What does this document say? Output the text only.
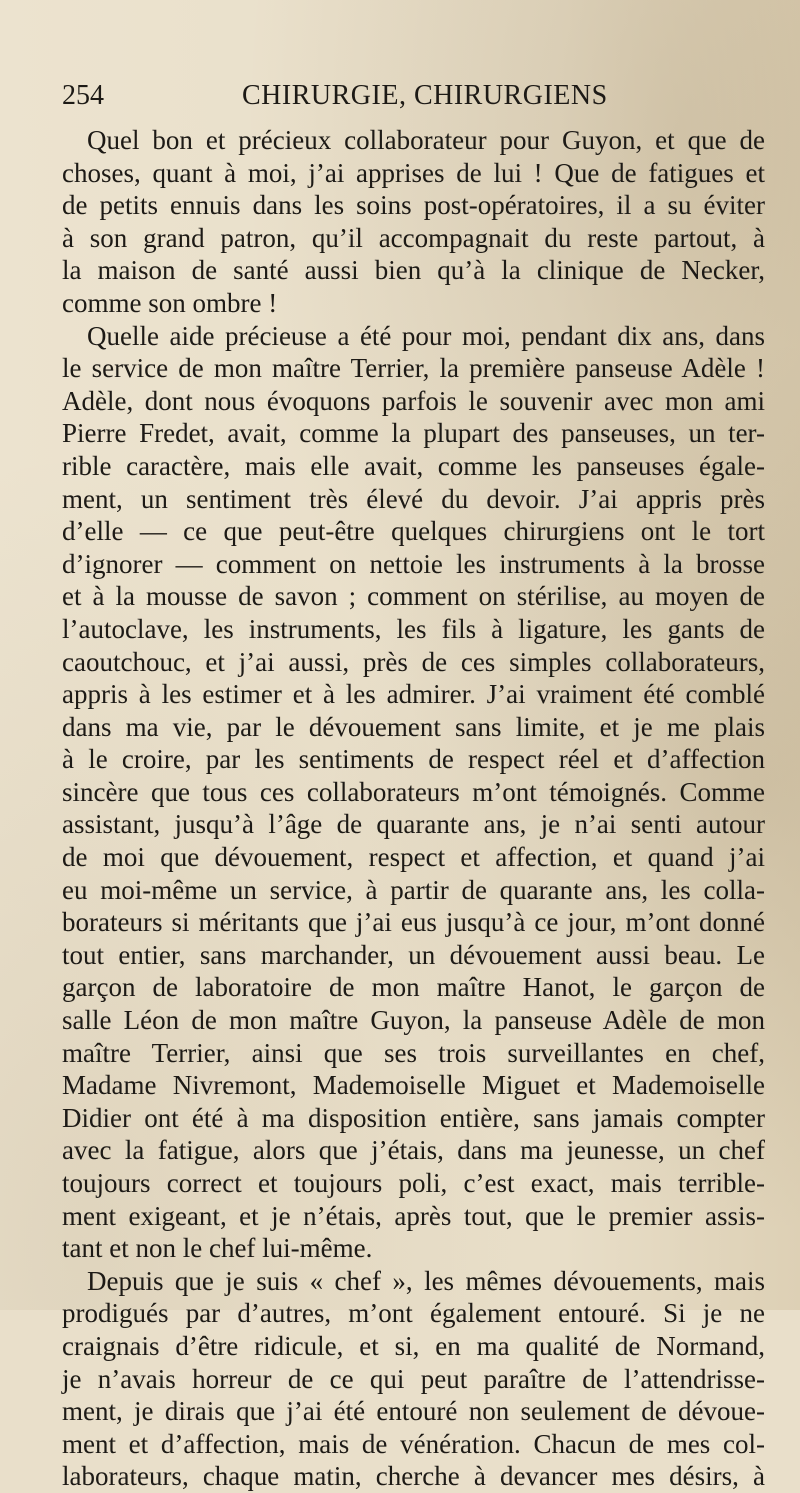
254	CHIRURGIE, CHIRURGIENS
Quel bon et précieux collaborateur pour Guyon, et que de
choses, quant à moi, j’ai apprises de lui ! Que de fatigues et
de petits ennuis dans les soins post-opératoires, il a su éviter
à son grand patron, qu’il accompagnait du reste partout, à
la maison de santé aussi bien qu’à la clinique de Necker,
comme son ombre !
Quelle aide précieuse a été pour moi, pendant dix ans, dans
le service de mon maître Terrier, la première panseuse Adèle !
Adèle, dont nous évoquons parfois le souvenir avec mon ami
Pierre Fredet, avait, comme la plupart des panseuses, un ter-
rible caractère, mais elle avait, comme les panseuses égale-
ment, un sentiment très élevé du devoir. J’ai appris près
d’elle — ce que peut-être quelques chirurgiens ont le tort
d’ignorer — comment on nettoie les instruments à la brosse
et à la mousse de savon ; comment on stérilise, au moyen de
l’autoclave, les instruments, les fils à ligature, les gants de
caoutchouc, et j’ai aussi, près de ces simples collaborateurs,
appris à les estimer et à les admirer. J’ai vraiment été comblé
dans ma vie, par le dévouement sans limite, et je me plais
à le croire, par les sentiments de respect réel et d’affection
sincère que tous ces collaborateurs m’ont témoignés. Comme
assistant, jusqu’à l’âge de quarante ans, je n’ai senti autour
de moi que dévouement, respect et affection, et quand j’ai
eu moi-même un service, à partir de quarante ans, les colla-
borateurs si méritants que j’ai eus jusqu’à ce jour, m’ont donné
tout entier, sans marchander, un dévouement aussi beau. Le
garçon de laboratoire de mon maître Hanot, le garçon de
salle Léon de mon maître Guyon, la panseuse Adèle de mon
maître Terrier, ainsi que ses trois surveillantes en chef,
Madame Nivremont, Mademoiselle Miguet et Mademoiselle
Didier ont été à ma disposition entière, sans jamais compter
avec la fatigue, alors que j’étais, dans ma jeunesse, un chef
toujours correct et toujours poli, c’est exact, mais terrible-
ment exigeant, et je n’étais, après tout, que le premier assis-
tant et non le chef lui-même.
Depuis que je suis « chef », les mêmes dévouements, mais
prodigués par d’autres, m’ont également entouré. Si je ne
craignais d’être ridicule, et si, en ma qualité de Normand,
je n’avais horreur de ce qui peut paraître de l’attendrisse-
ment, je dirais que j’ai été entouré non seulement de dévoue-
ment et d’affection, mais de vénération. Chacun de mes col-
laborateurs, chaque matin, cherche à devancer mes désirs, à
